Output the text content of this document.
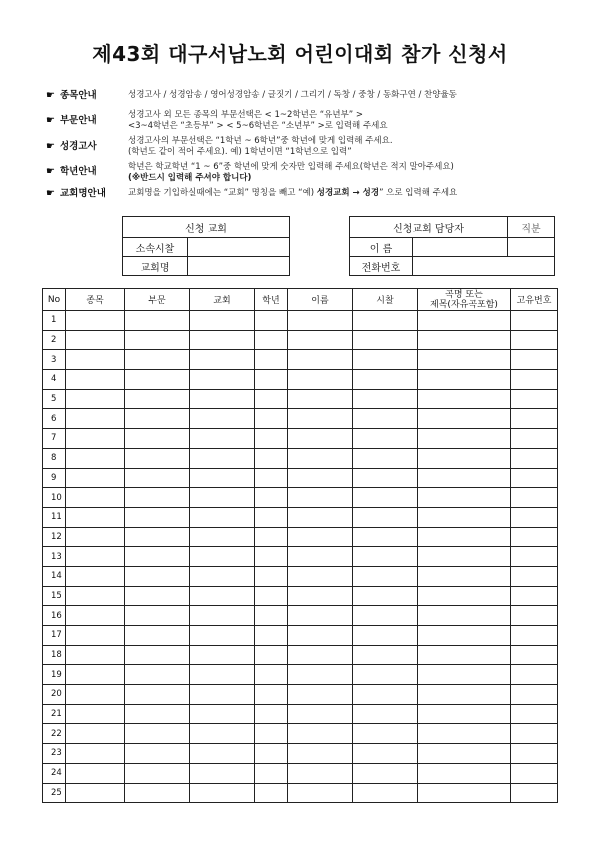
제43회 대구서남노회 어린이대회 참가 신청서
☛ 종목안내	성경고사 / 성경암송 / 영어성경암송 / 글짓기 / 그리기 / 독창 / 중창 / 동화구연 / 찬양율동
☛ 부문안내	성경고사 외 모든 종목의 부문선택은 < 1~2학년은 “유년부” >
<3~4학년은 “초등부” > < 5~6학년은 “소년부” >로 입력해 주세요
☛ 성경고사	성경고사의 부문선택은 “1학년 ~ 6학년”중 학년에 맞게 입력해 주세요.
(학년도 같이 적어 주세요). 예) 1학년이면 “1학년으로 입력”
☛ 학년안내	학년은 학교학년 “1 ~ 6”중 학년에 맞게 숫자만 입력해 주세요(학년은 적지 말아주세요)
(※반드시 입력해 주셔야 합니다)
☛ 교회명안내	교회명을 기입하실때에는 “교회” 명칭을 빼고 “예) 성경교회 → 성경” 으로 입력해 주세요
신청 교회	
소속시찰	
교회명	
신청교회 담당자		직분
이 름		
전화번호		
No	종목	부문	교회	학년	이름	시찰	곡명 또는
제목(자유곡포함)	고유번호
1								
2								
3								
4								
5								
6								
7								
8								
9								
10								
11								
12								
13								
14								
15								
16								
17								
18								
19								
20								
21								
22								
23								
24								
25								
